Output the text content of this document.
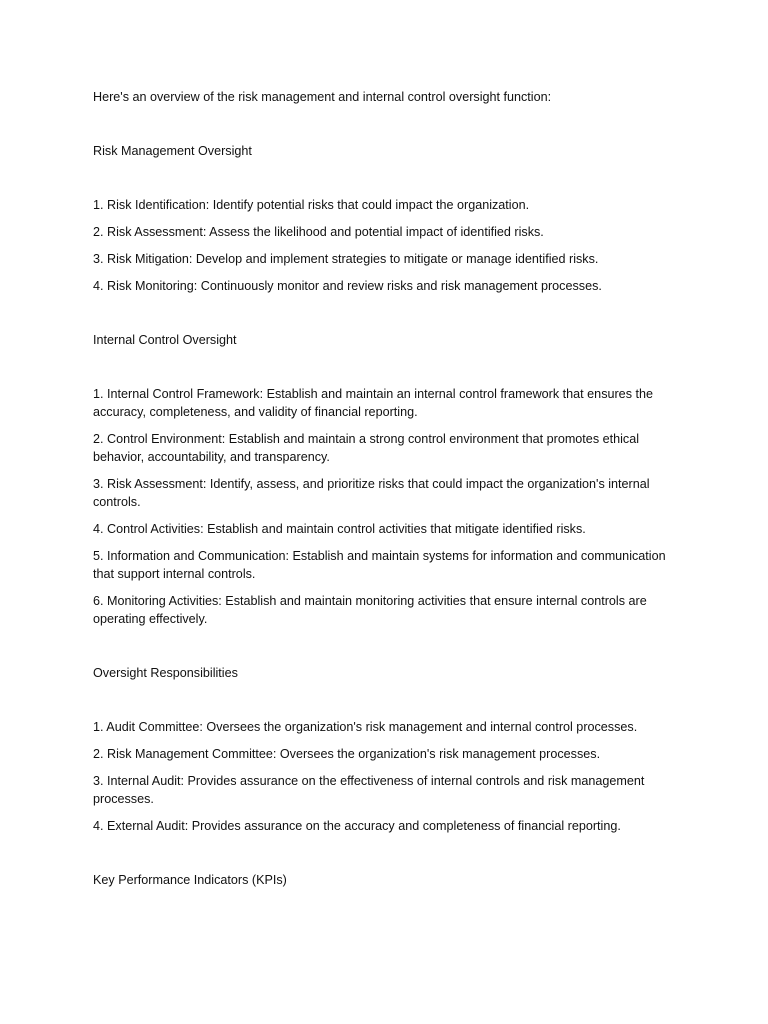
Here's an overview of the risk management and internal control oversight function:

Risk Management Oversight

1. Risk Identification: Identify potential risks that could impact the organization.
2. Risk Assessment: Assess the likelihood and potential impact of identified risks.
3. Risk Mitigation: Develop and implement strategies to mitigate or manage identified risks.
4. Risk Monitoring: Continuously monitor and review risks and risk management processes.

Internal Control Oversight

1. Internal Control Framework: Establish and maintain an internal control framework that ensures the accuracy, completeness, and validity of financial reporting.
2. Control Environment: Establish and maintain a strong control environment that promotes ethical behavior, accountability, and transparency.
3. Risk Assessment: Identify, assess, and prioritize risks that could impact the organization's internal controls.
4. Control Activities: Establish and maintain control activities that mitigate identified risks.
5. Information and Communication: Establish and maintain systems for information and communication that support internal controls.
6. Monitoring Activities: Establish and maintain monitoring activities that ensure internal controls are operating effectively.

Oversight Responsibilities

1. Audit Committee: Oversees the organization's risk management and internal control processes.
2. Risk Management Committee: Oversees the organization's risk management processes.
3. Internal Audit: Provides assurance on the effectiveness of internal controls and risk management processes.
4. External Audit: Provides assurance on the accuracy and completeness of financial reporting.

Key Performance Indicators (KPIs)
